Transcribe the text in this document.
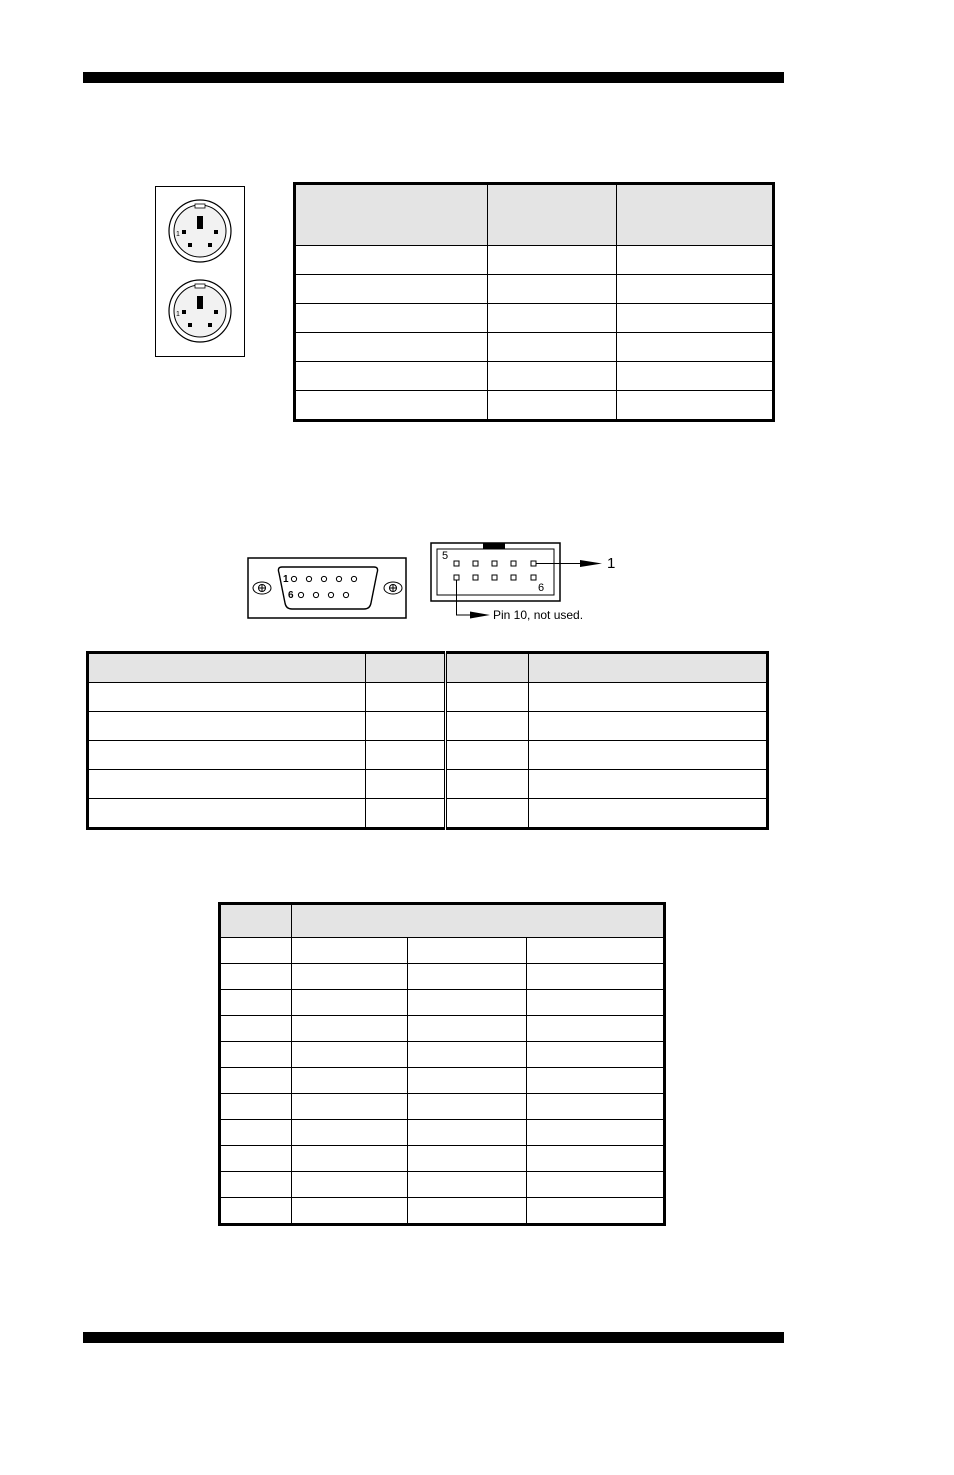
1
1

1
6
5
6
1
Pin 10, not used.
